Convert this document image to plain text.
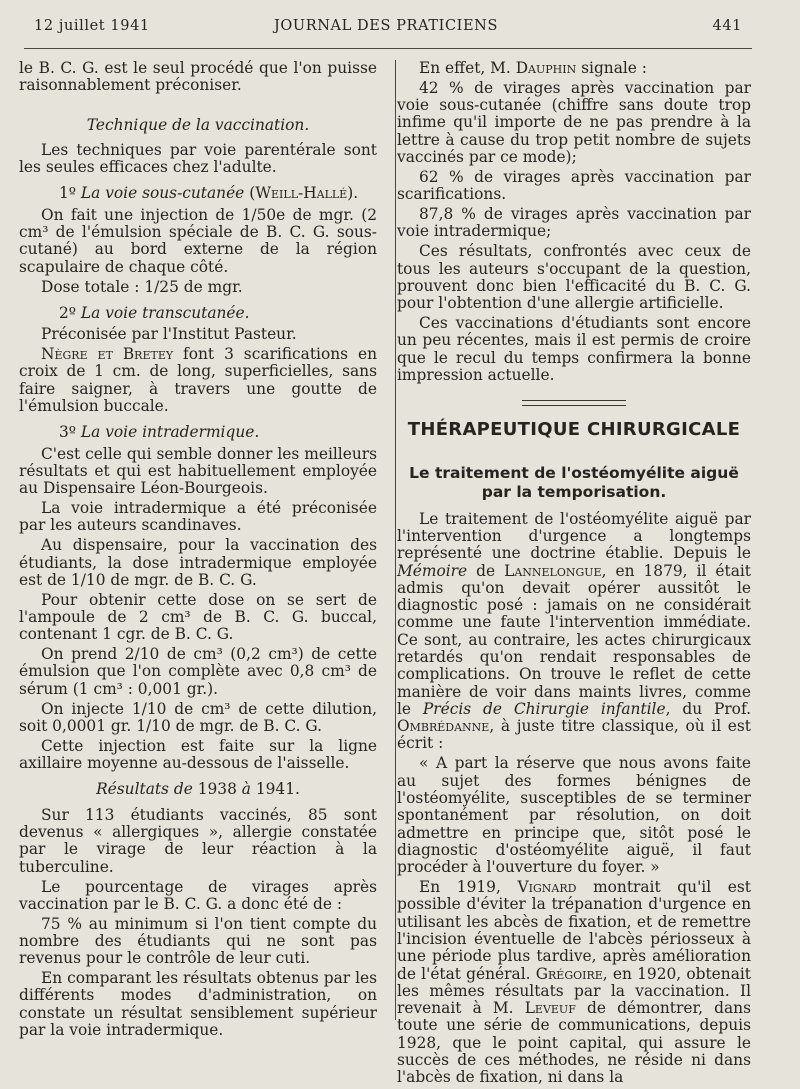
12 juillet 1941	JOURNAL DES PRATICIENS	441

le B. C. G. est le seul procédé que l'on puisse raisonnablement préconiser.

Technique de la vaccination.

Les techniques par voie parentérale sont les seules efficaces chez l'adulte.

1º La voie sous-cutanée (Weill-Hallé).

On fait une injection de 1/50e de mgr. (2 cm³ de l'émulsion spéciale de B. C. G. sous-cutané) au bord externe de la région scapulaire de chaque côté.

Dose totale : 1/25 de mgr.

2º La voie transcutanée.

Préconisée par l'Institut Pasteur.

Nègre et Bretey font 3 scarifications en croix de 1 cm. de long, superficielles, sans faire saigner, à travers une goutte de l'émulsion buccale.

3º La voie intradermique.

C'est celle qui semble donner les meilleurs résultats et qui est habituellement employée au Dispensaire Léon-Bourgeois.

La voie intradermique a été préconisée par les auteurs scandinaves.

Au dispensaire, pour la vaccination des étudiants, la dose intradermique employée est de 1/10 de mgr. de B. C. G.

Pour obtenir cette dose on se sert de l'ampoule de 2 cm³ de B. C. G. buccal, contenant 1 cgr. de B. C. G.

On prend 2/10 de cm³ (0,2 cm³) de cette émulsion que l'on complète avec 0,8 cm³ de sérum (1 cm³ : 0,001 gr.).

On injecte 1/10 de cm³ de cette dilution, soit 0,0001 gr. 1/10 de mgr. de B. C. G.

Cette injection est faite sur la ligne axillaire moyenne au-dessous de l'aisselle.

Résultats de 1938 à 1941.

Sur 113 étudiants vaccinés, 85 sont devenus « allergiques », allergie constatée par le virage de leur réaction à la tuberculine.

Le pourcentage de virages après vaccination par le B. C. G. a donc été de :

75 % au minimum si l'on tient compte du nombre des étudiants qui ne sont pas revenus pour le contrôle de leur cuti.

En comparant les résultats obtenus par les différents modes d'administration, on constate un résultat sensiblement supérieur par la voie intradermique.

En effet, M. Dauphin signale :

42 % de virages après vaccination par voie sous-cutanée (chiffre sans doute trop infime qu'il importe de ne pas prendre à la lettre à cause du trop petit nombre de sujets vaccinés par ce mode);

62 % de virages après vaccination par scarifications.

87,8 % de virages après vaccination par voie intradermique;

Ces résultats, confrontés avec ceux de tous les auteurs s'occupant de la question, prouvent donc bien l'efficacité du B. C. G. pour l'obtention d'une allergie artificielle.

Ces vaccinations d'étudiants sont encore un peu récentes, mais il est permis de croire que le recul du temps confirmera la bonne impression actuelle.

THÉRAPEUTIQUE CHIRURGICALE
Le traitement de l'ostéomyélite aiguë par la temporisation.

Le traitement de l'ostéomyélite aiguë par l'intervention d'urgence a longtemps représenté une doctrine établie. Depuis le Mémoire de Lannelongue, en 1879, il était admis qu'on devait opérer aussitôt le diagnostic posé : jamais on ne considérait comme une faute l'intervention immédiate. Ce sont, au contraire, les actes chirurgicaux retardés qu'on rendait responsables de complications. On trouve le reflet de cette manière de voir dans maints livres, comme le Précis de Chirurgie infantile, du Prof. Ombrédanne, à juste titre classique, où il est écrit :

« A part la réserve que nous avons faite au sujet des formes bénignes de l'ostéomyélite, susceptibles de se terminer spontanément par résolution, on doit admettre en principe que, sitôt posé le diagnostic d'ostéomyélite aiguë, il faut procéder à l'ouverture du foyer. »

En 1919, Vignard montrait qu'il est possible d'éviter la trépanation d'urgence en utilisant les abcès de fixation, et de remettre l'incision éventuelle de l'abcès périosseux à une période plus tardive, après amélioration de l'état général. Grégoire, en 1920, obtenait les mêmes résultats par la vaccination. Il revenait à M. Leveuf de démontrer, dans toute une série de communications, depuis 1928, que le point capital, qui assure le succès de ces méthodes, ne réside ni dans l'abcès de fixation, ni dans la
